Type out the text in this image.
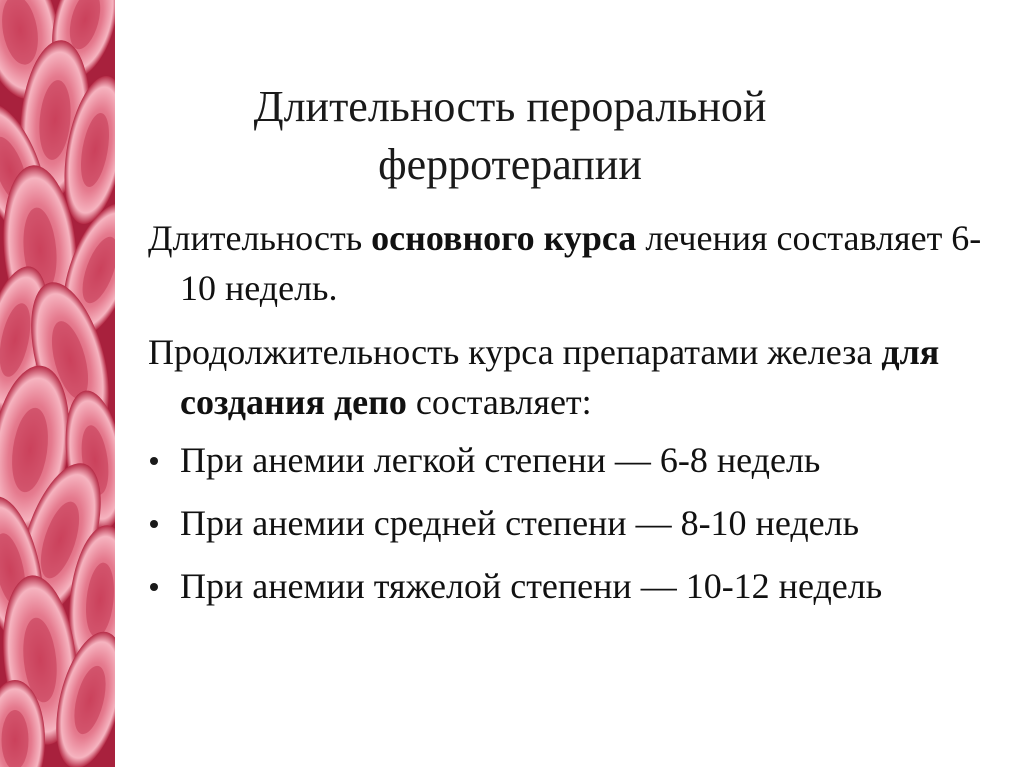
Длительность пероральной
ферротерапии

Длительность основного курса лечения составляет 6-10 недель.

Продолжительность курса препаратами железа для создания депо составляет:

При анемии легкой степени — 6-8 недель
При анемии средней степени — 8-10 недель
При анемии тяжелой степени — 10-12 недель
